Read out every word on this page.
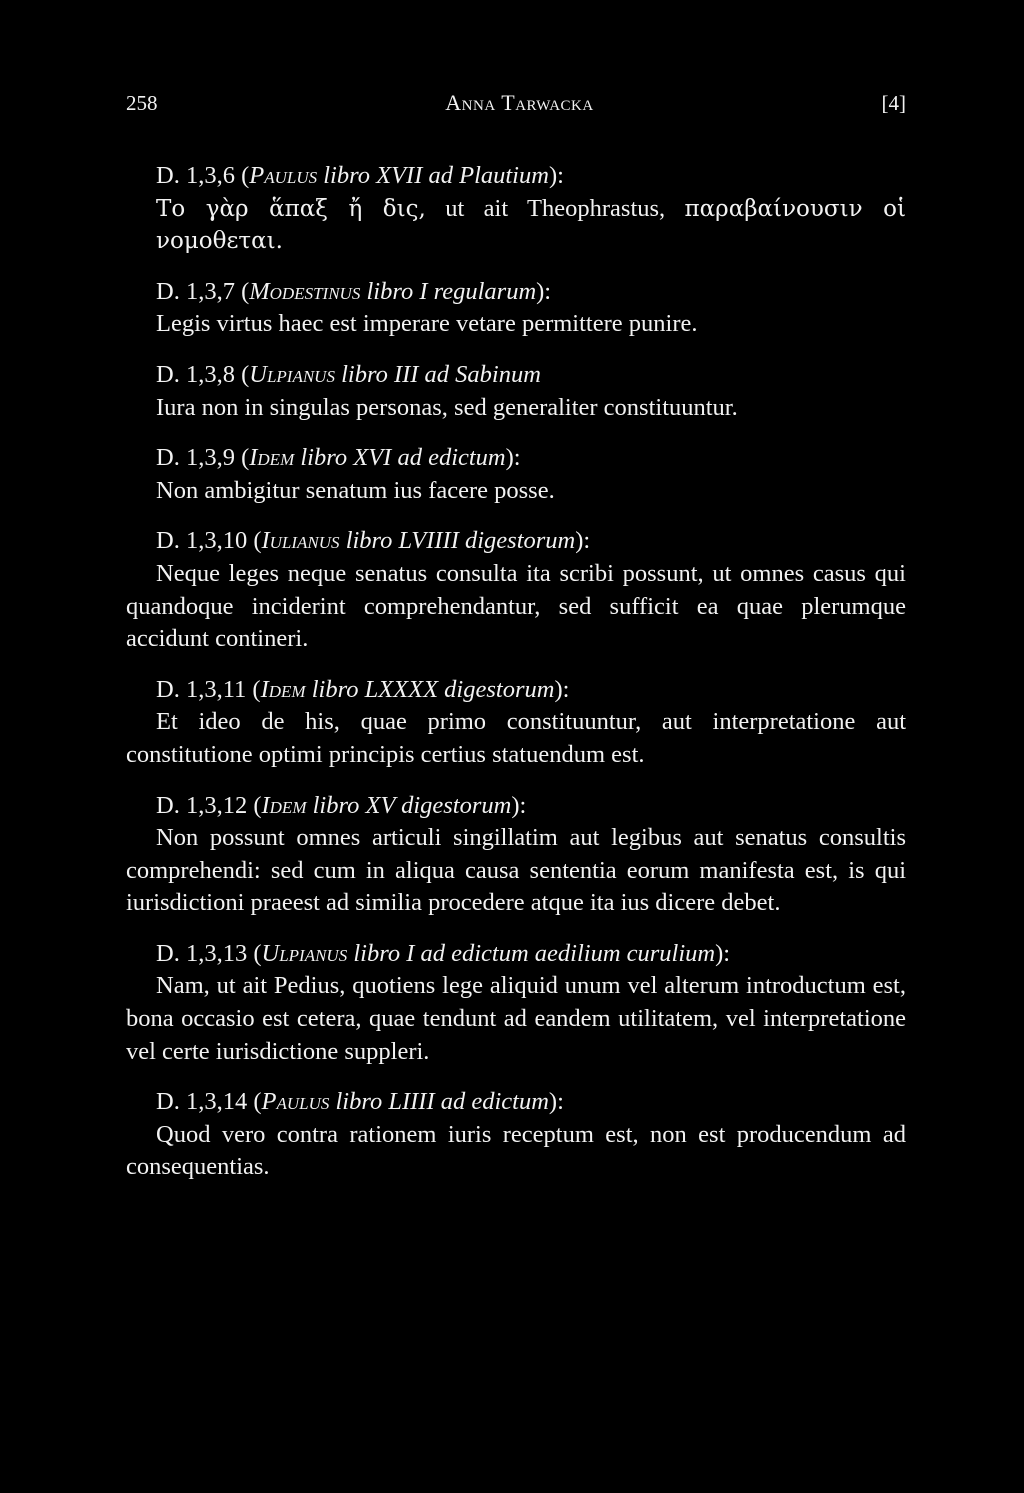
258	Anna Tarwacka	[4]
D. 1,3,6 (Paulus libro XVII ad Plautium):
Το γὰρ ἅπαξ ἤ δις, ut ait Theophrastus, παραβαίνουσιν οἱ νομοθεται.
D. 1,3,7 (Modestinus libro I regularum):
Legis virtus haec est imperare vetare permittere punire.
D. 1,3,8 (Ulpianus libro III ad Sabinum
Iura non in singulas personas, sed generaliter constituuntur.
D. 1,3,9 (Idem libro XVI ad edictum):
Non ambigitur senatum ius facere posse.
D. 1,3,10 (Iulianus libro LVIIII digestorum):
Neque leges neque senatus consulta ita scribi possunt, ut omnes casus qui quandoque inciderint comprehendantur, sed sufficit ea quae plerumque accidunt contineri.
D. 1,3,11 (Idem libro LXXXX digestorum):
Et ideo de his, quae primo constituuntur, aut interpretatione aut constitutione optimi principis certius statuendum est.
D. 1,3,12 (Idem libro XV digestorum):
Non possunt omnes articuli singillatim aut legibus aut senatus consultis comprehendi: sed cum in aliqua causa sententia eorum manifesta est, is qui iurisdictioni praeest ad similia procedere atque ita ius dicere debet.
D. 1,3,13 (Ulpianus libro I ad edictum aedilium curulium):
Nam, ut ait Pedius, quotiens lege aliquid unum vel alterum introductum est, bona occasio est cetera, quae tendunt ad eandem utilitatem, vel interpretatione vel certe iurisdictione suppleri.
D. 1,3,14 (Paulus libro LIIII ad edictum):
Quod vero contra rationem iuris receptum est, non est producendum ad consequentias.
